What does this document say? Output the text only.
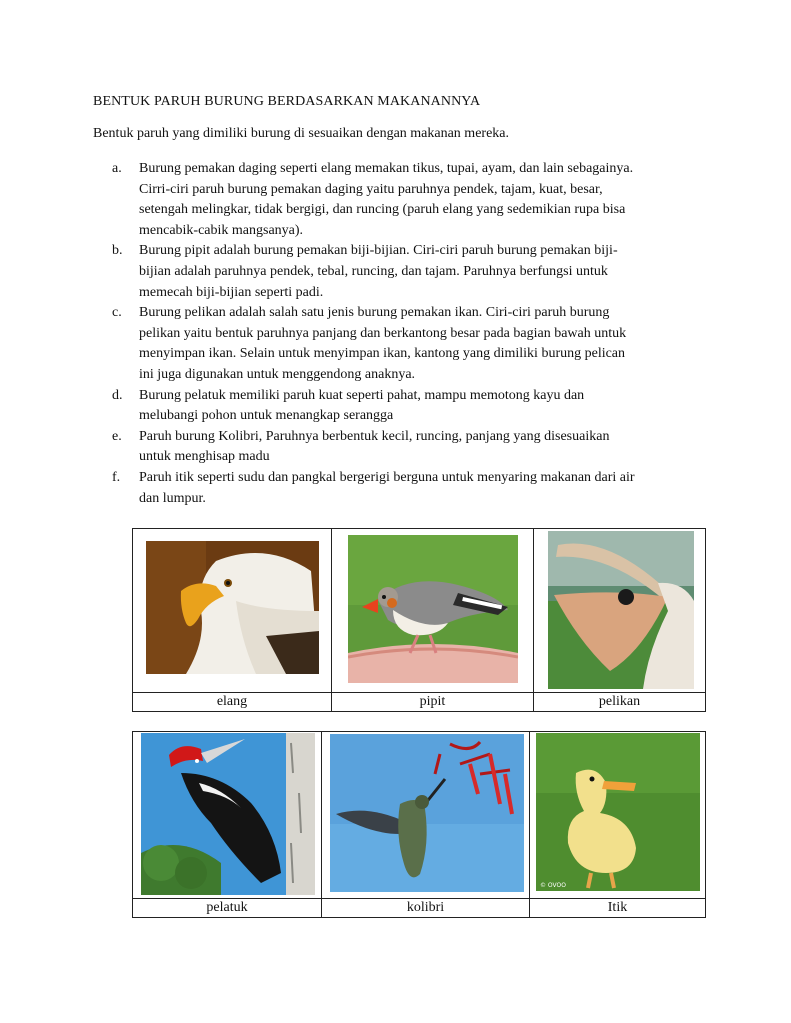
BENTUK PARUH BURUNG BERDASARKAN MAKANANNYA
Bentuk paruh yang dimiliki burung di sesuaikan dengan makanan mereka.
a.	Burung pemakan daging seperti elang memakan tikus, tupai, ayam, dan lain sebagainya.
Cirri-ciri paruh burung pemakan daging yaitu paruhnya pendek, tajam, kuat, besar,
setengah melingkar, tidak bergigi, dan runcing (paruh elang yang sedemikian rupa bisa
mencabik-cabik mangsanya).
b.	Burung pipit adalah burung pemakan biji-bijian. Ciri-ciri paruh burung pemakan biji-
bijian adalah paruhnya pendek, tebal, runcing, dan tajam. Paruhnya berfungsi untuk
memecah biji-bijian seperti padi.
c.	Burung pelikan adalah salah satu jenis burung pemakan ikan. Ciri-ciri paruh burung
pelikan yaitu bentuk paruhnya panjang dan berkantong besar pada bagian bawah untuk
menyimpan ikan. Selain untuk menyimpan ikan, kantong yang dimiliki burung pelican
ini juga digunakan untuk menggendong anaknya.
d.	Burung pelatuk memiliki paruh kuat seperti pahat, mampu memotong kayu dan
melubangi pohon untuk menangkap serangga
e.	Paruh burung Kolibri, Paruhnya berbentuk kecil, runcing, panjang yang disesuaikan
untuk menghisap madu
f.	Paruh itik seperti sudu dan pangkal bergerigi berguna untuk menyaring makanan dari air
dan lumpur.

elang	pipit	pelikan

© OVOO

pelatuk	kolibri	Itik
